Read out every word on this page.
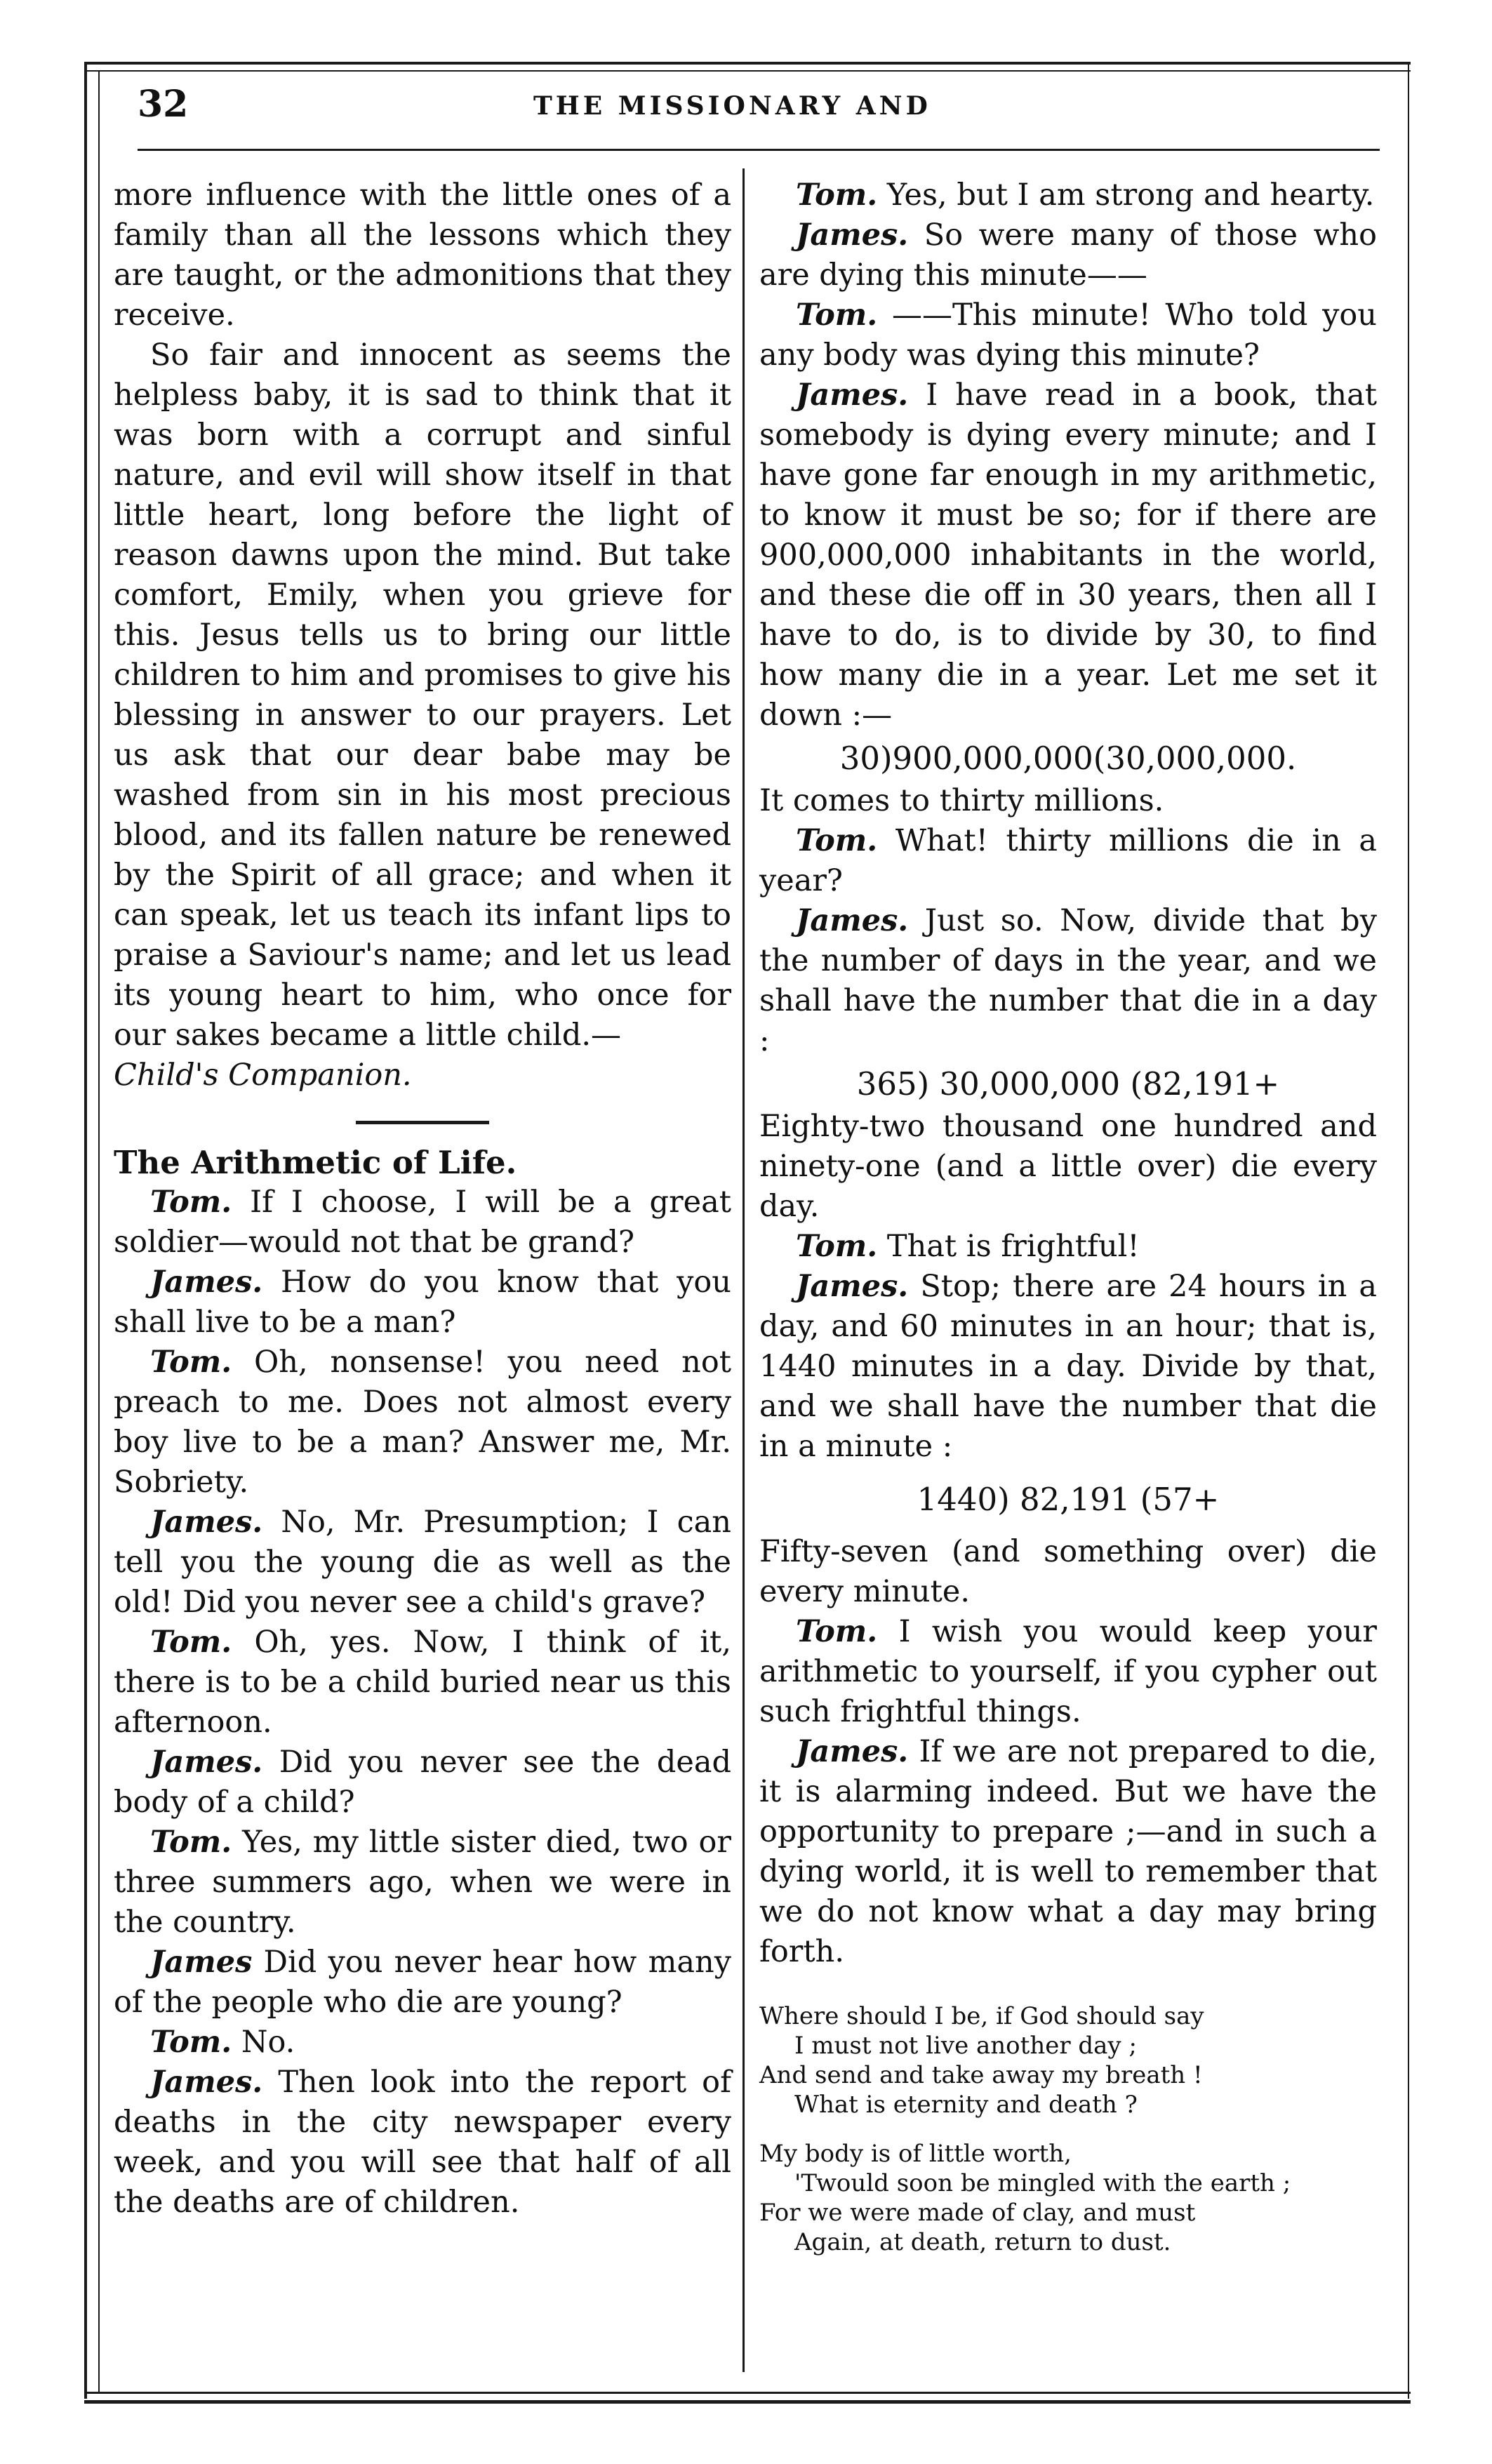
32	THE MISSIONARY AND

more influence with the little ones of a family than all the lessons which they are taught, or the admonitions that they receive.

So fair and innocent as seems the helpless baby, it is sad to think that it was born with a corrupt and sinful nature, and evil will show itself in that little heart, long before the light of reason dawns upon the mind. But take comfort, Emily, when you grieve for this. Jesus tells us to bring our little children to him and promises to give his blessing in answer to our prayers. Let us ask that our dear babe may be washed from sin in his most precious blood, and its fallen nature be renewed by the Spirit of all grace; and when it can speak, let us teach its infant lips to praise a Saviour's name; and let us lead its young heart to him, who once for our sakes became a little child.—

Child's Companion.

The Arithmetic of Life.

Tom. If I choose, I will be a great soldier—would not that be grand?

James. How do you know that you shall live to be a man?

Tom. Oh, nonsense! you need not preach to me. Does not almost every boy live to be a man? Answer me, Mr. Sobriety.

James. No, Mr. Presumption; I can tell you the young die as well as the old! Did you never see a child's grave?

Tom. Oh, yes. Now, I think of it, there is to be a child buried near us this afternoon.

James. Did you never see the dead body of a child?

Tom. Yes, my little sister died, two or three summers ago, when we were in the country.

James Did you never hear how many of the people who die are young?

Tom. No.

James. Then look into the report of deaths in the city newspaper every week, and you will see that half of all the deaths are of children.

Tom. Yes, but I am strong and hearty.

James. So were many of those who are dying this minute——

Tom. ——This minute! Who told you any body was dying this minute?

James. I have read in a book, that somebody is dying every minute; and I have gone far enough in my arithmetic, to know it must be so; for if there are 900,000,000 inhabitants in the world, and these die off in 30 years, then all I have to do, is to divide by 30, to find how many die in a year. Let me set it down :—

30)900,000,000(30,000,000.

It comes to thirty millions.

Tom. What! thirty millions die in a year?

James. Just so. Now, divide that by the number of days in the year, and we shall have the number that die in a day :

365) 30,000,000 (82,191+

Eighty-two thousand one hundred and ninety-one (and a little over) die every day.

Tom. That is frightful!

James. Stop; there are 24 hours in a day, and 60 minutes in an hour; that is, 1440 minutes in a day. Divide by that, and we shall have the number that die in a minute :

1440) 82,191 (57+

Fifty-seven (and something over) die every minute.

Tom. I wish you would keep your arithmetic to yourself, if you cypher out such frightful things.

James. If we are not prepared to die, it is alarming indeed. But we have the opportunity to prepare ;—and in such a dying world, it is well to remember that we do not know what a day may bring forth.

Where should I be, if God should say

I must not live another day ;

And send and take away my breath !

What is eternity and death ?

My body is of little worth,

'Twould soon be mingled with the earth ;

For we were made of clay, and must

Again, at death, return to dust.
